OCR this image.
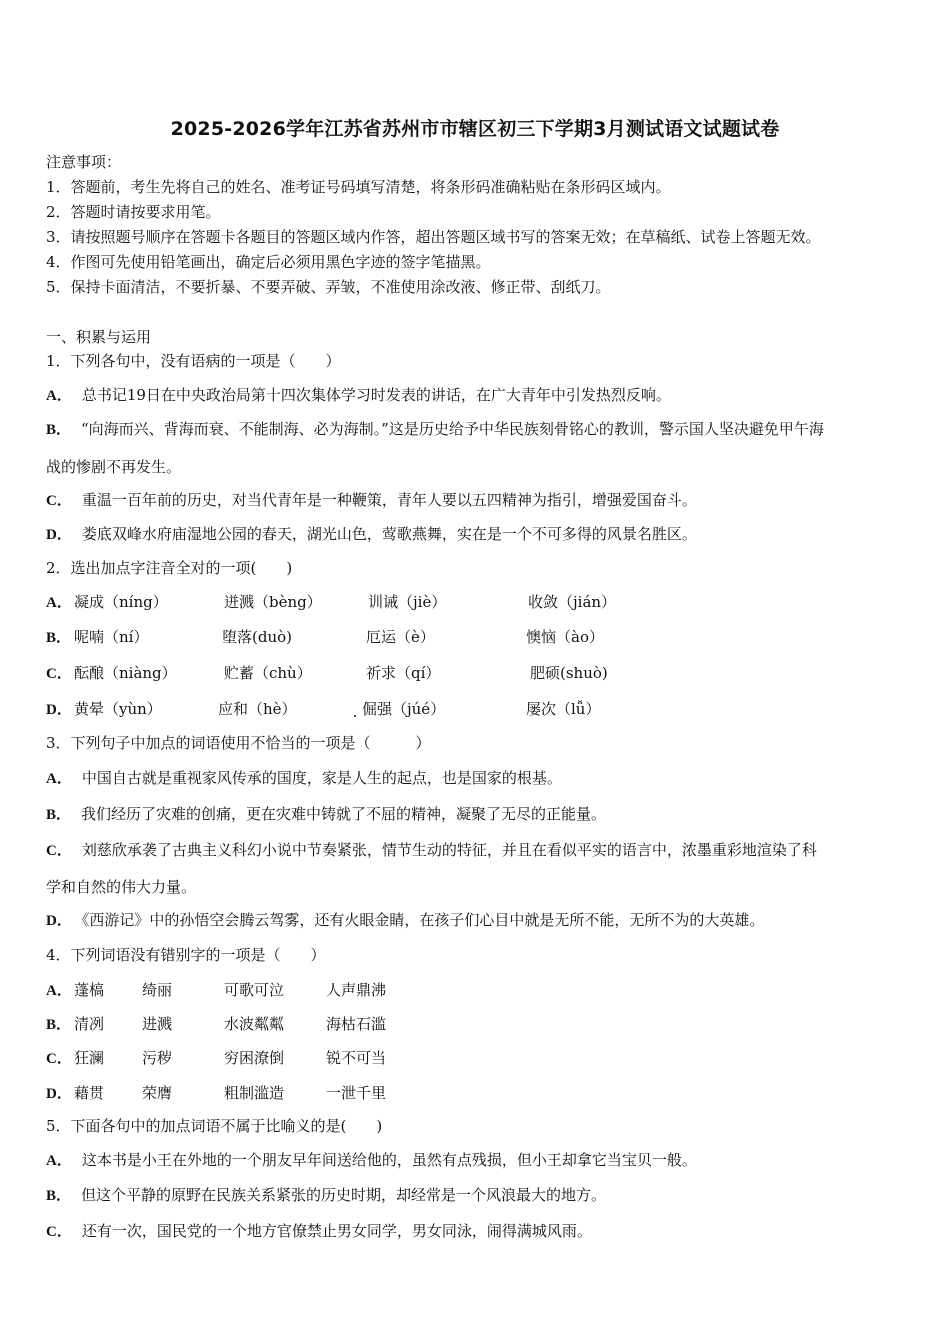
2025-2026学年江苏省苏州市市辖区初三下学期3月测试语文试题试卷
注意事项：
1．答题前，考生先将自己的姓名、准考证号码填写清楚，将条形码准确粘贴在条形码区域内。
2．答题时请按要求用笔。
3．请按照题号顺序在答题卡各题目的答题区域内作答，超出答题区域书写的答案无效；在草稿纸、试卷上答题无效。
4．作图可先使用铅笔画出，确定后必须用黑色字迹的签字笔描黑。
5．保持卡面清洁，不要折暴、不要弄破、弄皱，不准使用涂改液、修正带、刮纸刀。
一、积累与运用
1．下列各句中，没有语病的一项是（　　）
A． 总书记19日在中央政治局第十四次集体学习时发表的讲话，在广大青年中引发热烈反响。
B． “向海而兴、背海而衰、不能制海、必为海制。”这是历史给予中华民族刻骨铭心的教训，警示国人坚决避免甲午海
战的惨剧不再发生。
C． 重温一百年前的历史，对当代青年是一种鞭策，青年人要以五四精神为指引，增强爱国奋斗。
D． 娄底双峰水府庙湿地公园的春天，湖光山色，莺歌燕舞，实在是一个不可多得的风景名胜区。
2．选出加点字注音全对的一项(　　)
A． 凝成（níng）	迸溅（bèng）	训诫（jiè）	收敛（jián）
B． 呢喃（ní）	堕落(duò)	厄运（è）	懊恼（ào）
C． 酝酿（niàng）	贮蓄（chù）	祈求（qí）	肥硕(shuò)
D． 黄晕（yùn）	应和（hè）	倔强（júé）	屡次（lǚ）
3．下列句子中加点的词语使用不恰当的一项是（　　　）
A． 中国自古就是重视家风传承的国度，家是人生的起点，也是国家的根基。
B． 我们经历了灾难的创痛，更在灾难中铸就了不屈的精神，凝聚了无尽的正能量。
C． 刘慈欣承袭了古典主义科幻小说中节奏紧张，情节生动的特征，并且在看似平实的语言中，浓墨重彩地渲染了科
学和自然的伟大力量。
D． 《西游记》中的孙悟空会腾云驾雾，还有火眼金睛，在孩子们心目中就是无所不能，无所不为的大英雄。
4．下列词语没有错别字的一项是（　　）
A． 蓬槁	绮丽	可歌可泣	人声鼎沸
B． 清冽	进溅	水波粼粼	海枯石滥
C． 狂澜	污秽	穷困潦倒	锐不可当
D． 藉贯	荣膺	粗制滥造	一泄千里
5．下面各句中的加点词语不属于比喻义的是(　　)
A． 这本书是小王在外地的一个朋友早年间送给他的，虽然有点残损，但小王却拿它当宝贝一般。
B． 但这个平静的原野在民族关系紧张的历史时期，却经常是一个风浪最大的地方。
C． 还有一次，国民党的一个地方官僚禁止男女同学，男女同泳，闹得满城风雨。
